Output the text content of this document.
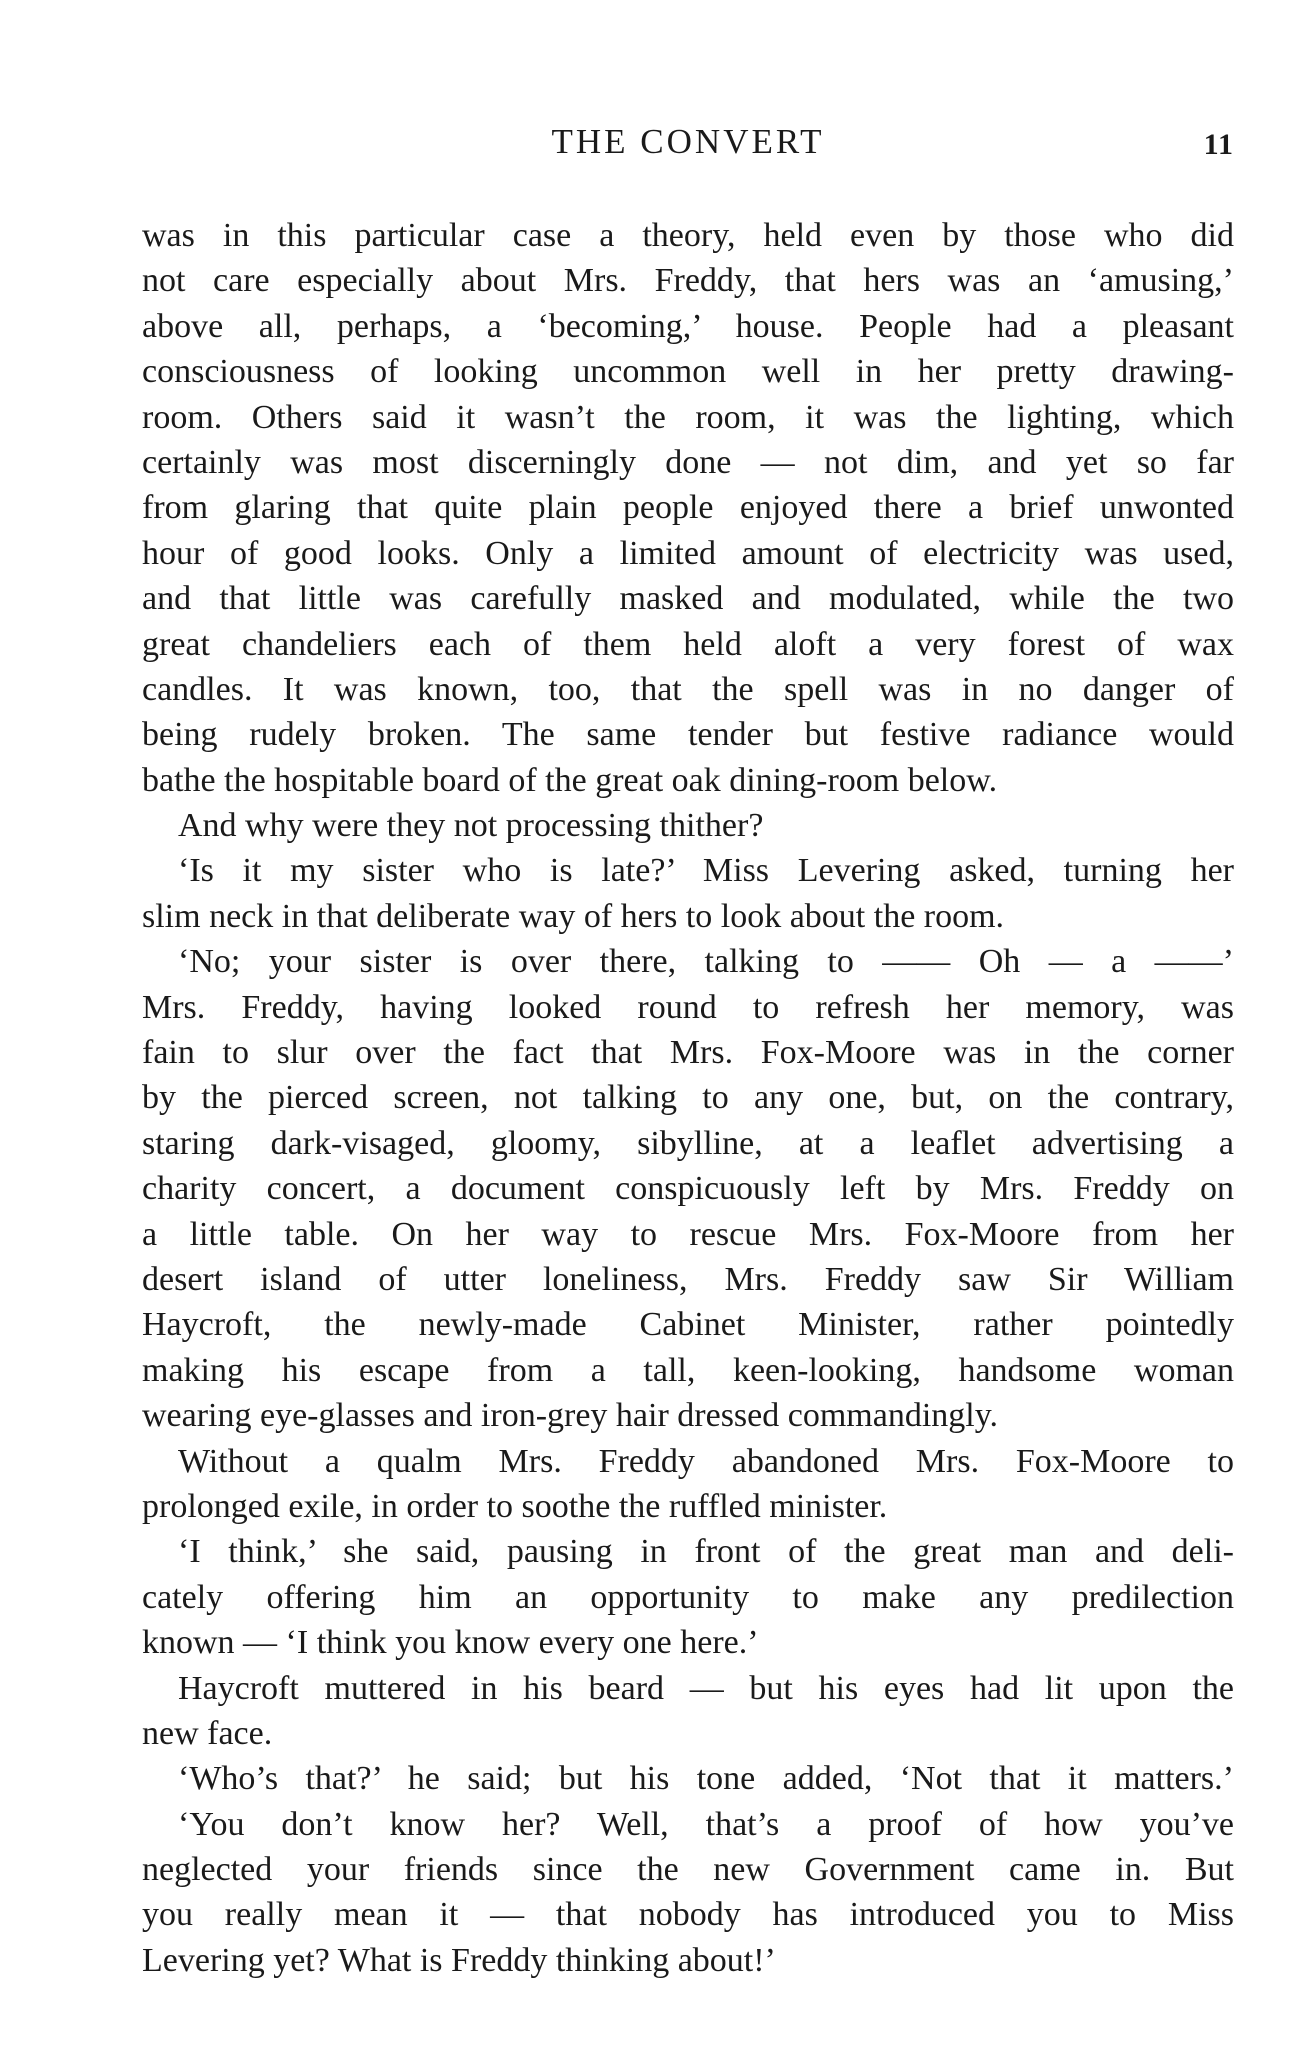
THE CONVERT	11
was in this particular case a theory, held even by those who did
not care especially about Mrs. Freddy, that hers was an ‘amusing,’
above all, perhaps, a ‘becoming,’ house. People had a pleasant
consciousness of looking uncommon well in her pretty drawing-
room. Others said it wasn’t the room, it was the lighting, which
certainly was most discerningly done — not dim, and yet so far
from glaring that quite plain people enjoyed there a brief unwonted
hour of good looks. Only a limited amount of electricity was used,
and that little was carefully masked and modulated, while the two
great chandeliers each of them held aloft a very forest of wax
candles. It was known, too, that the spell was in no danger of
being rudely broken. The same tender but festive radiance would
bathe the hospitable board of the great oak dining-room below.
And why were they not processing thither?
‘Is it my sister who is late?’ Miss Levering asked, turning her
slim neck in that deliberate way of hers to look about the room.
‘No; your sister is over there, talking to —— Oh — a ——’
Mrs. Freddy, having looked round to refresh her memory, was
fain to slur over the fact that Mrs. Fox-Moore was in the corner
by the pierced screen, not talking to any one, but, on the contrary,
staring dark-visaged, gloomy, sibylline, at a leaflet advertising a
charity concert, a document conspicuously left by Mrs. Freddy on
a little table. On her way to rescue Mrs. Fox-Moore from her
desert island of utter loneliness, Mrs. Freddy saw Sir William
Haycroft, the newly-made Cabinet Minister, rather pointedly
making his escape from a tall, keen-looking, handsome woman
wearing eye-glasses and iron-grey hair dressed commandingly.
Without a qualm Mrs. Freddy abandoned Mrs. Fox-Moore to
prolonged exile, in order to soothe the ruffled minister.
‘I think,’ she said, pausing in front of the great man and deli-
cately offering him an opportunity to make any predilection
known — ‘I think you know every one here.’
Haycroft muttered in his beard — but his eyes had lit upon the
new face.
‘Who’s that?’ he said; but his tone added, ‘Not that it matters.’
‘You don’t know her? Well, that’s a proof of how you’ve
neglected your friends since the new Government came in. But
you really mean it — that nobody has introduced you to Miss
Levering yet? What is Freddy thinking about!’
